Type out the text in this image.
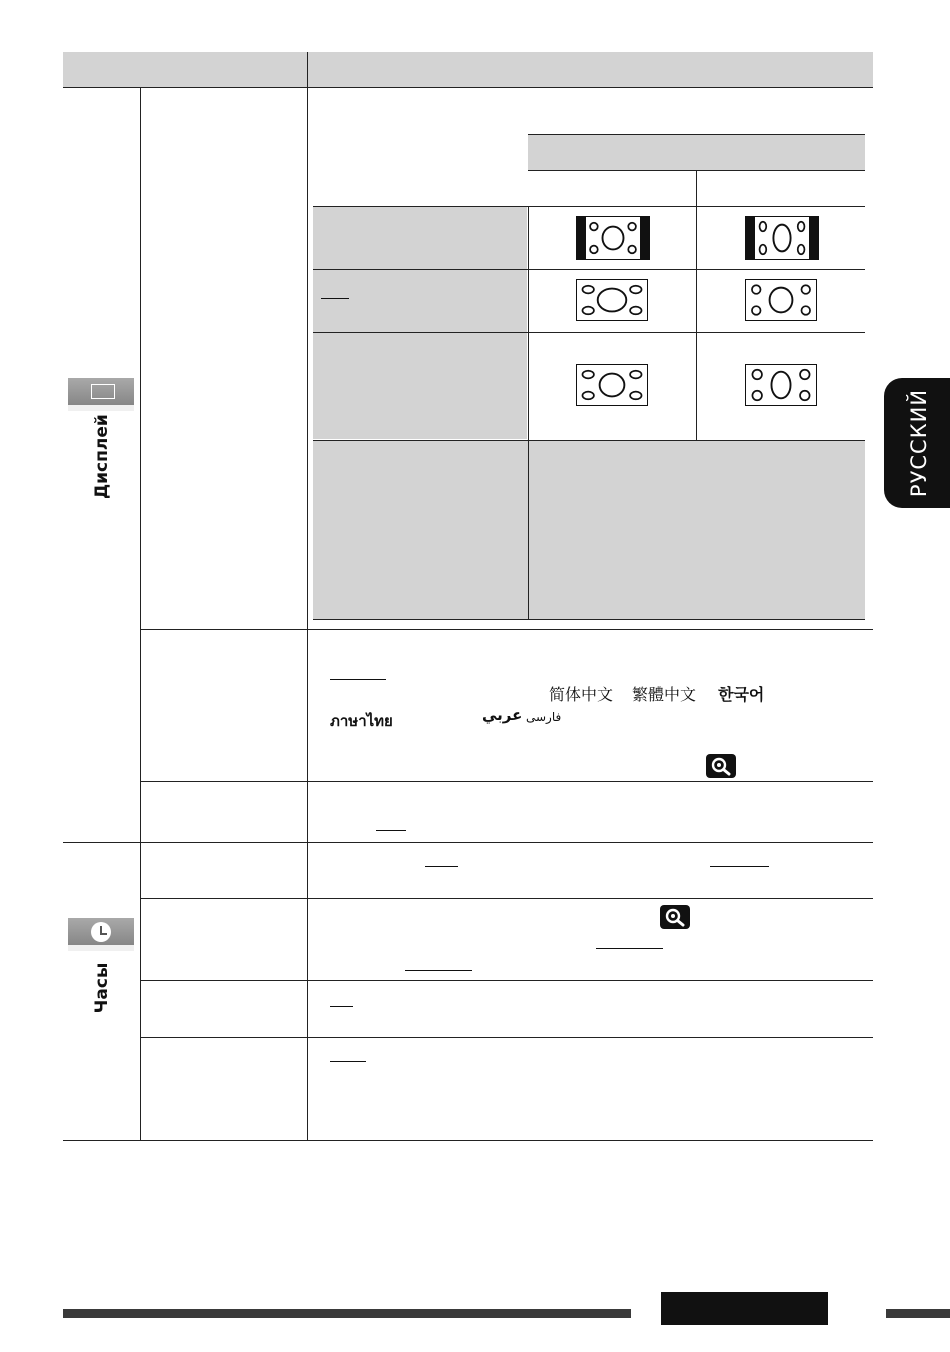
Дисплей
Часы
简体中文 繁體中文 한국어
ภาษาไทย	عربي فارسی
РУССКИЙ
